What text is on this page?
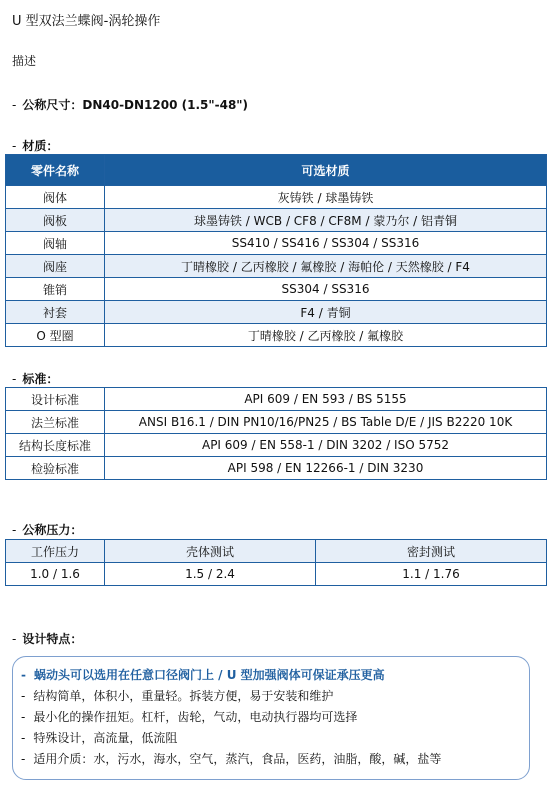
U 型双法兰蝶阀-涡轮操作
描述
- 公称尺寸：DN40-DN1200 (1.5"-48")
- 材质：
零件名称	可选材质
阀体	灰铸铁 / 球墨铸铁
阀板	球墨铸铁 / WCB / CF8 / CF8M / 蒙乃尔 / 铝青铜
阀轴	SS410 / SS416 / SS304 / SS316
阀座	丁晴橡胶 / 乙丙橡胶 / 氟橡胶 / 海帕伦 / 天然橡胶 / F4
锥销	SS304 / SS316
衬套	F4 / 青铜
O 型圈	丁晴橡胶 / 乙丙橡胶 / 氟橡胶
- 标准：
设计标准	API 609 / EN 593 / BS 5155
法兰标准	ANSI B16.1 / DIN PN10/16/PN25 / BS Table D/E / JIS B2220 10K
结构长度标准	API 609 / EN 558-1 / DIN 3202 / ISO 5752
检验标准	API 598 / EN 12266-1 / DIN 3230
- 公称压力：
工作压力	壳体测试	密封测试
1.0 / 1.6	1.5 / 2.4	1.1 / 1.76
- 设计特点：
- 蜗动头可以选用在任意口径阀门上 / U 型加强阀体可保证承压更高
- 结构简单，体积小，重量轻。拆装方便，易于安装和维护
- 最小化的操作扭矩。杠杆，齿轮，气动，电动执行器均可选择
- 特殊设计，高流量，低流阻
- 适用介质：水，污水，海水，空气，蒸汽，食品，医药，油脂，酸，碱，盐等
